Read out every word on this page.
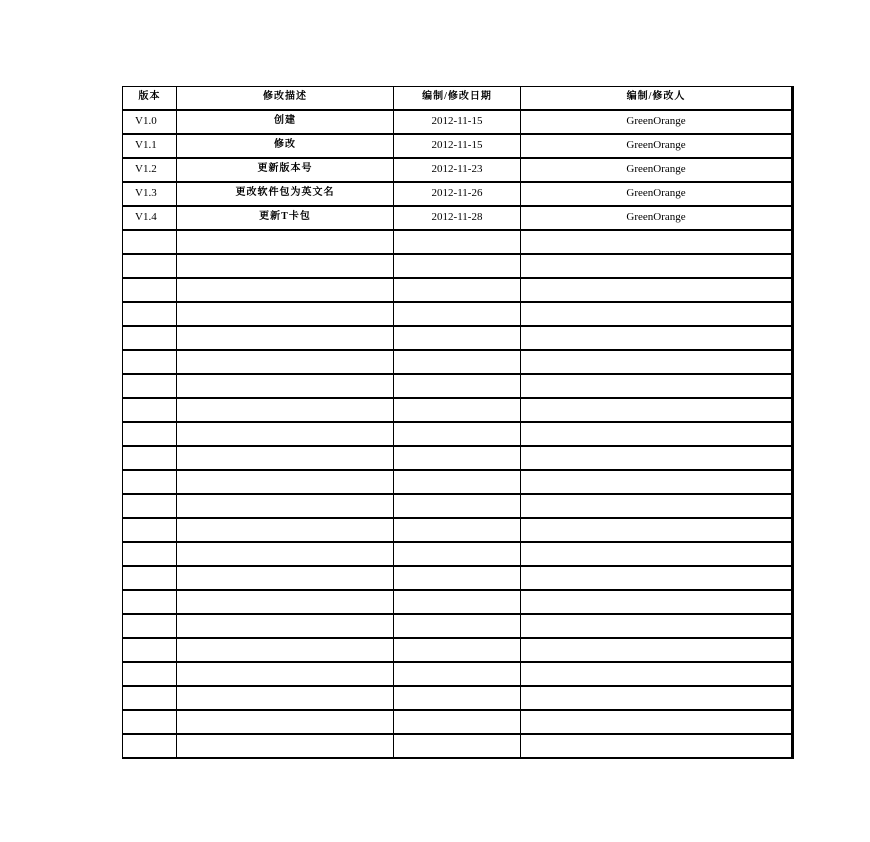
版本	修改描述	编制/修改日期	编制/修改人
V1.0	创建	2012-11-15	GreenOrange
V1.1	修改	2012-11-15	GreenOrange
V1.2	更新版本号	2012-11-23	GreenOrange
V1.3	更改软件包为英文名	2012-11-26	GreenOrange
V1.4	更新T卡包	2012-11-28	GreenOrange
